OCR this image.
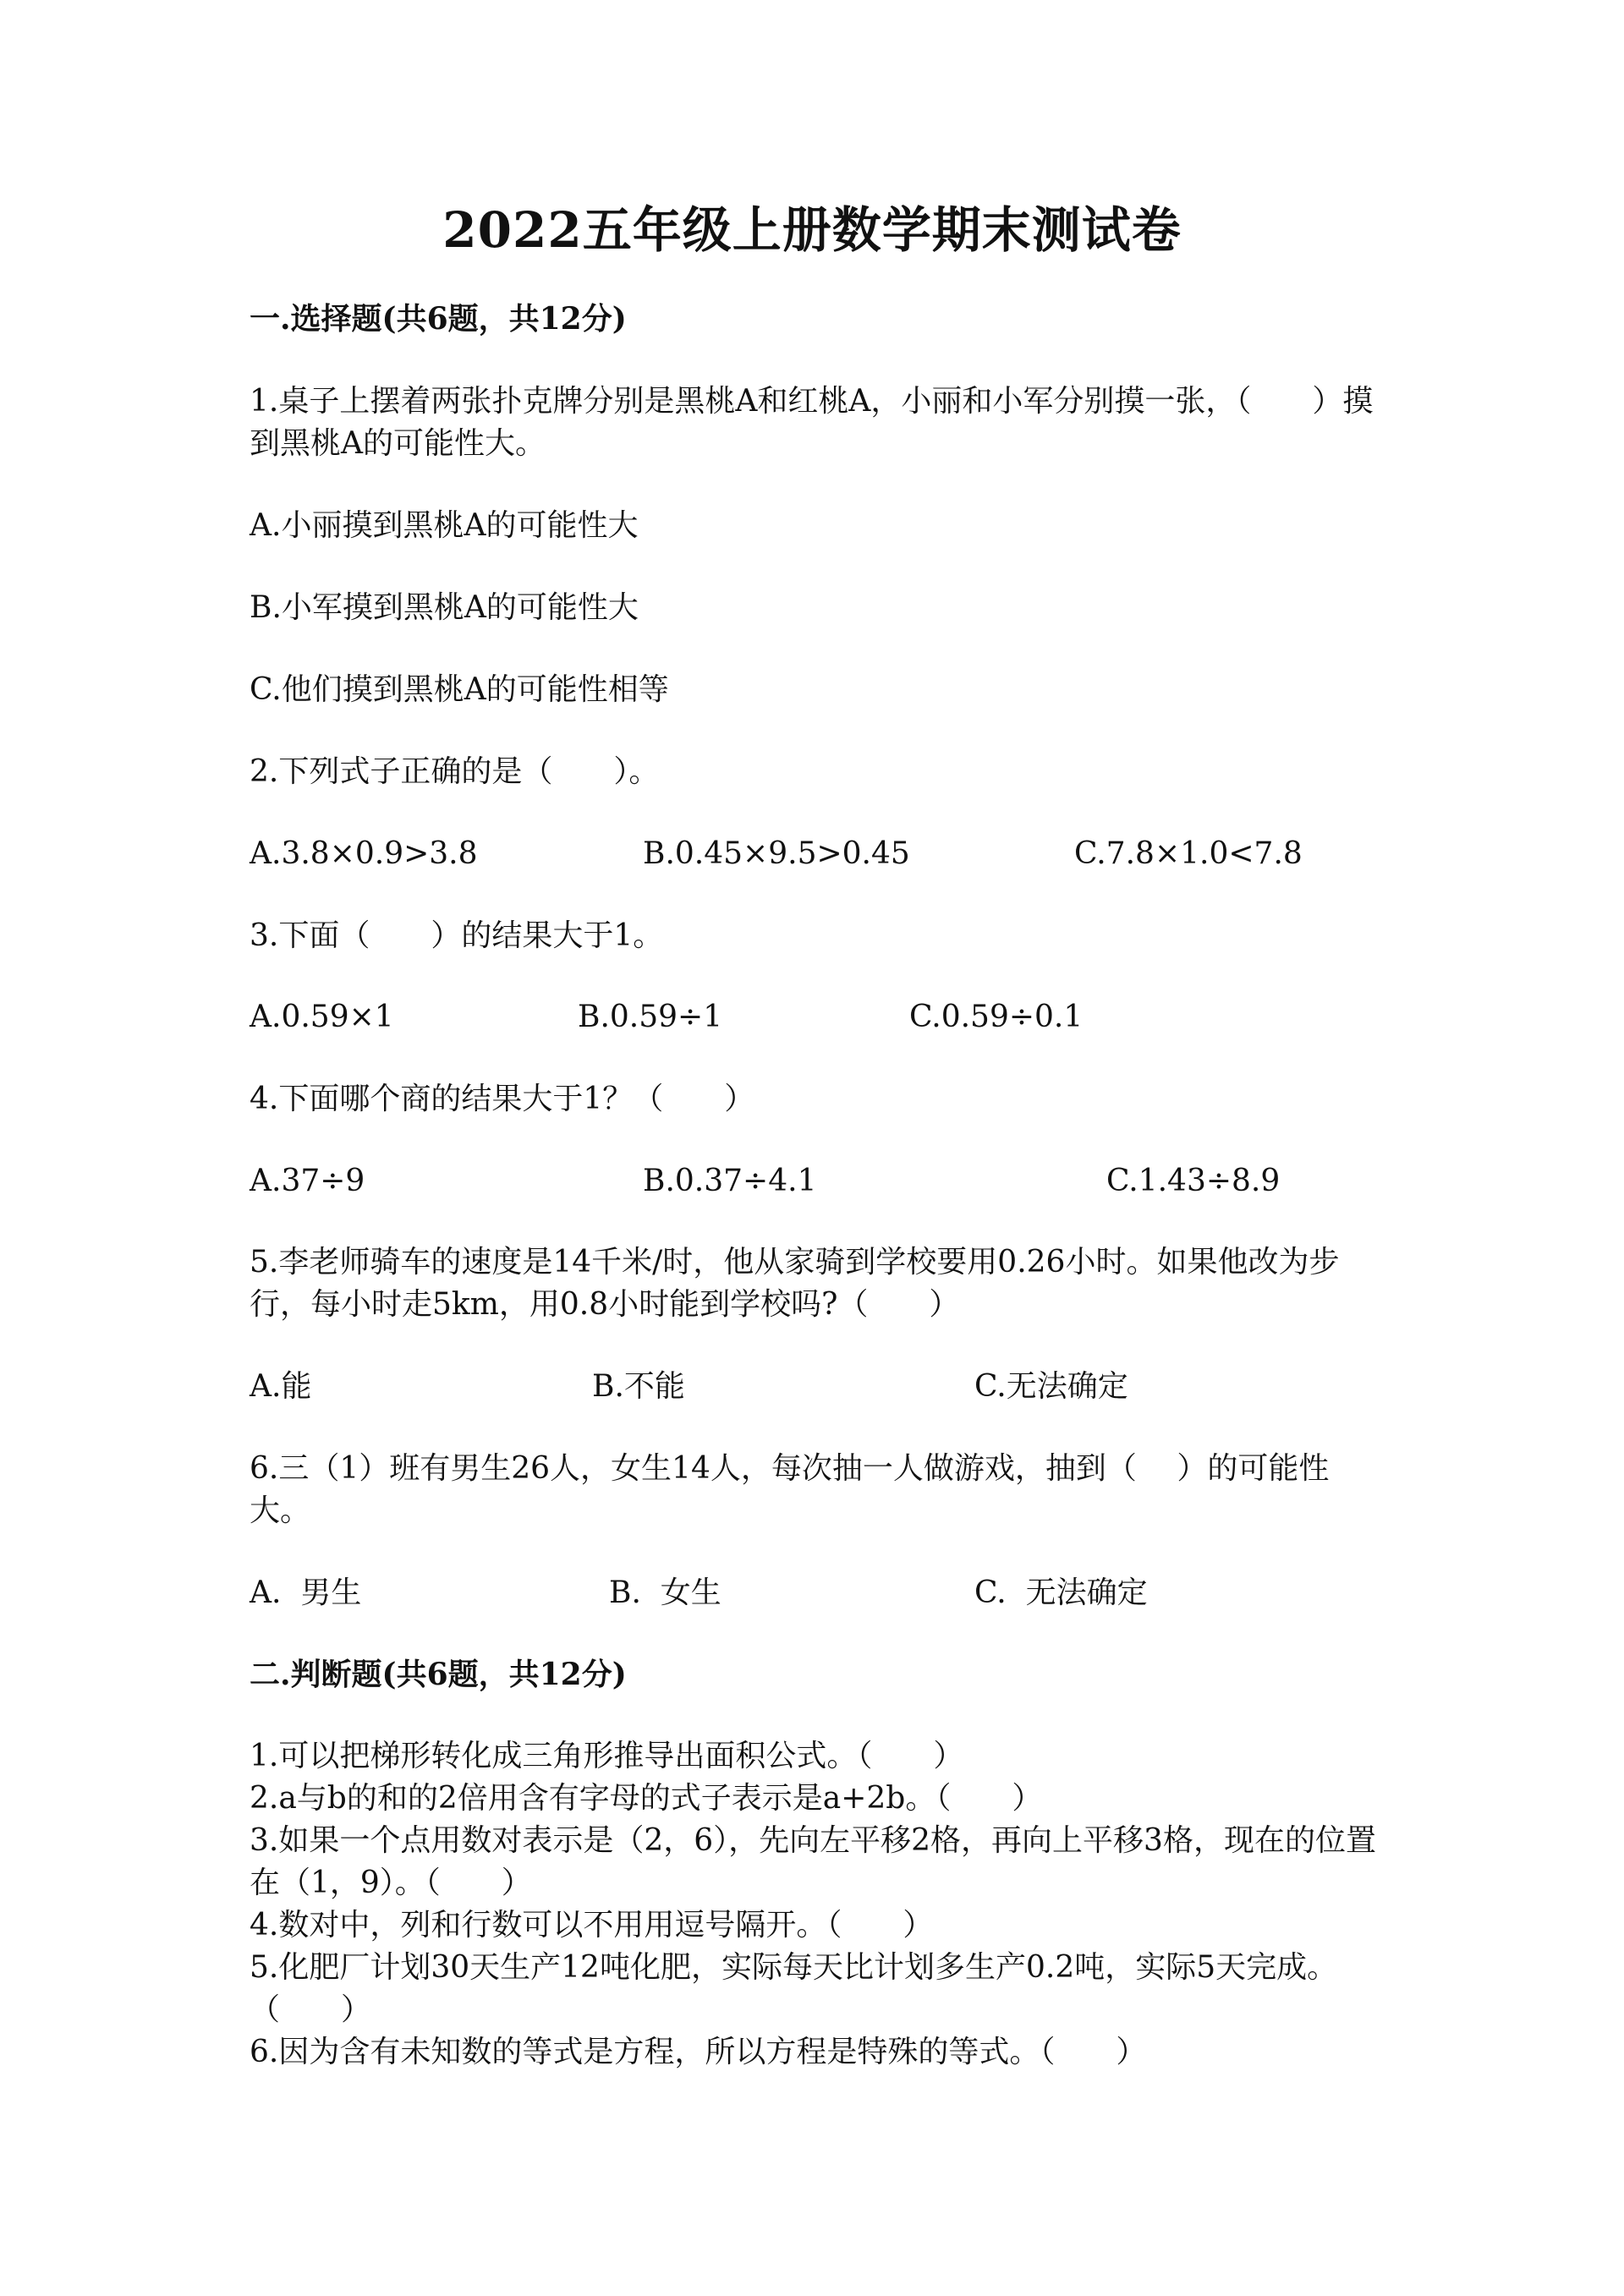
2022五年级上册数学期末测试卷
一.选择题(共6题，共12分)
1.桌子上摆着两张扑克牌分别是黑桃A和红桃A，小丽和小军分别摸一张，（　　）摸到黑桃A的可能性大。
A.小丽摸到黑桃A的可能性大
B.小军摸到黑桃A的可能性大
C.他们摸到黑桃A的可能性相等
2.下列式子正确的是（　　）。
A.3.8×0.9>3.8	B.0.45×9.5>0.45	C.7.8×1.0<7.8
3.下面（　　）的结果大于1。
A.0.59×1	B.0.59÷1	C.0.59÷0.1
4.下面哪个商的结果大于1？（　　）
A.37÷9	B.0.37÷4.1	C.1.43÷8.9
5.李老师骑车的速度是14千米/时，他从家骑到学校要用0.26小时。如果他改为步行，每小时走5km，用0.8小时能到学校吗?（　　）
A.能	B.不能	C.无法确定
6.三（1）班有男生26人，女生14人，每次抽一人做游戏，抽到（　 ）的可能性大。
A.  男生	B.  女生	C.  无法确定
二.判断题(共6题，共12分)
1.可以把梯形转化成三角形推导出面积公式。（　　）
2.a与b的和的2倍用含有字母的式子表示是a+2b。（　　）
3.如果一个点用数对表示是（2，6），先向左平移2格，再向上平移3格，现在的位置在（1，9）。（　　）
4.数对中，列和行数可以不用用逗号隔开。（　　）
5.化肥厂计划30天生产12吨化肥，实际每天比计划多生产0.2吨，实际5天完成。（　　）
6.因为含有未知数的等式是方程，所以方程是特殊的等式。（　　）
